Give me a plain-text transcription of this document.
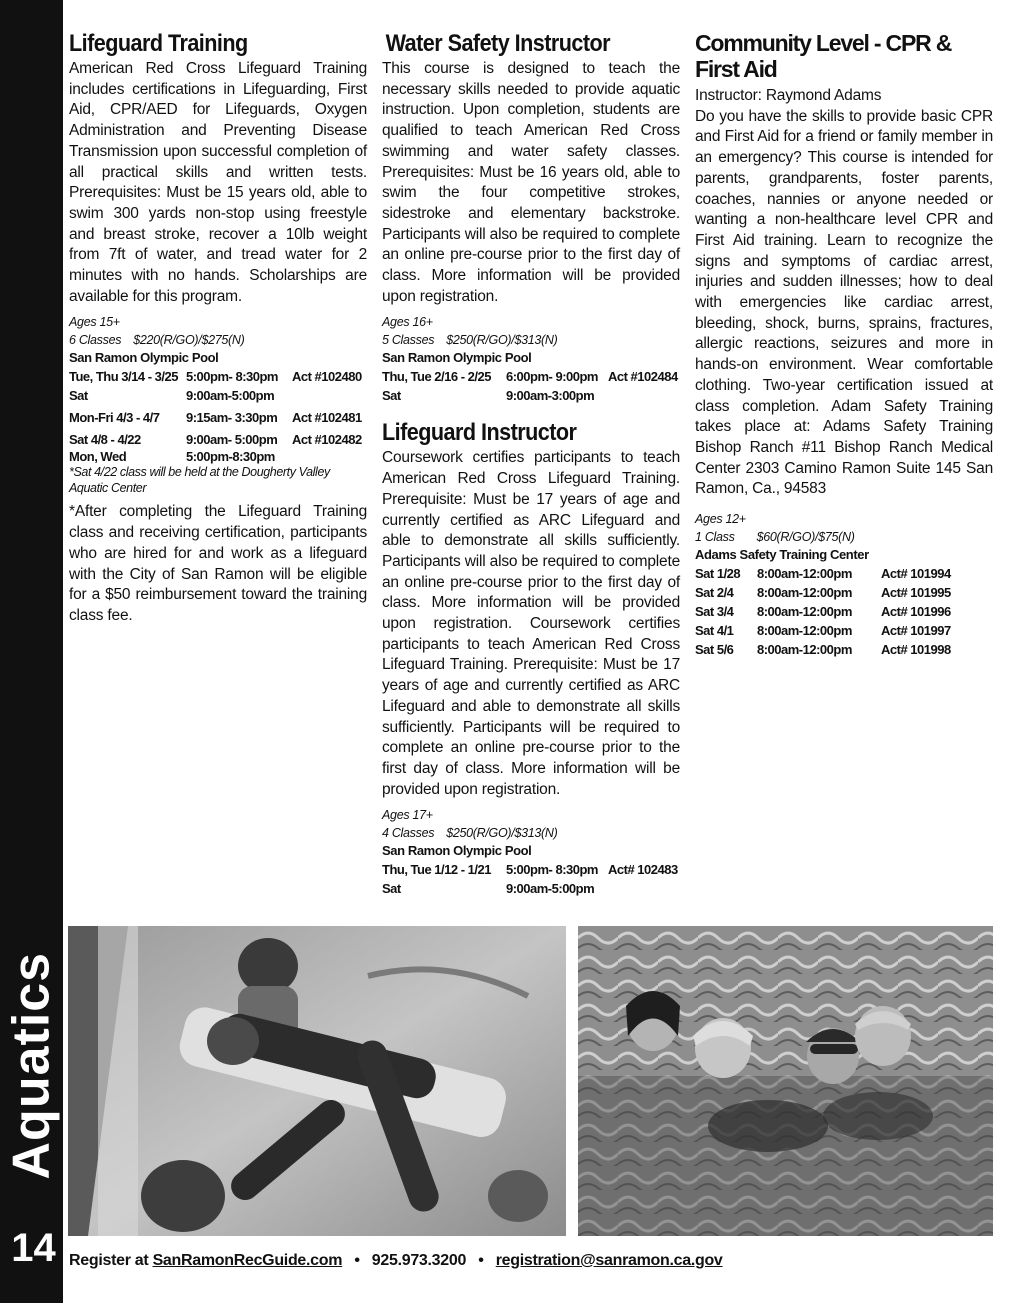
Aquatics
14
Lifeguard Training

American Red Cross Lifeguard Training includes certifications in Lifeguarding, First Aid, CPR/AED for Lifeguards, Oxygen Administration and Preventing Disease Transmission upon successful completion of all practical skills and written tests. Prerequisites: Must be 15 years old, able to swim 300 yards non-stop using freestyle and breast stroke, recover a 10lb weight from 7ft of water, and tread water for 2 minutes with no hands. Scholarships are available for this program.

Ages 15+
6 Classes $220(R/GO)/$275(N)
San Ramon Olympic Pool
Tue, Thu 3/14 - 3/25 5:00pm- 8:30pm	Act #102480
Sat	9:00am-5:00pm
Mon-Fri 4/3 - 4/7	9:15am- 3:30pm	Act #102481
Sat 4/8 - 4/22	9:00am- 5:00pm	Act #102482
Mon, Wed	5:00pm-8:30pm
*Sat 4/22 class will be held at the Dougherty Valley Aquatic Center

*After completing the Lifeguard Training class and receiving certification, participants who are hired for and work as a lifeguard with the City of San Ramon will be eligible for a $50 reimbursement toward the training class fee.

Water Safety Instructor

This course is designed to teach the necessary skills needed to provide aquatic instruction. Upon completion, students are qualified to teach American Red Cross swimming and water safety classes. Prerequisites: Must be 16 years old, able to swim the four competitive strokes, sidestroke and elementary backstroke. Participants will also be required to complete an online pre-course prior to the first day of class. More information will be provided upon registration.

Ages 16+
5 Classes $250(R/GO)/$313(N)
San Ramon Olympic Pool
Thu, Tue 2/16 - 2/25	6:00pm- 9:00pm Act #102484
Sat	9:00am-3:00pm
Lifeguard Instructor

Coursework certifies participants to teach American Red Cross Lifeguard Training. Prerequisite: Must be 17 years of age and currently certified as ARC Lifeguard and able to demonstrate all skills sufficiently. Participants will also be required to complete an online pre-course prior to the first day of class. More information will be provided upon registration. Coursework certifies participants to teach American Red Cross Lifeguard Training. Prerequisite: Must be 17 years of age and currently certified as ARC Lifeguard and able to demonstrate all skills sufficiently. Participants will be required to complete an online pre-course prior to the first day of class. More information will be provided upon registration.

Ages 17+
4 Classes $250(R/GO)/$313(N)
San Ramon Olympic Pool
Thu, Tue 1/12 - 1/21	5:00pm- 8:30pm Act# 102483
Sat	9:00am-5:00pm
Community Level - CPR & First Aid

Instructor: Raymond Adams

Do you have the skills to provide basic CPR and First Aid for a friend or family member in an emergency? This course is intended for parents, grandparents, foster parents, coaches, nannies or anyone needed or wanting a non-healthcare level CPR and First Aid training. Learn to recognize the signs and symptoms of cardiac arrest, injuries and sudden illnesses; how to deal with emergencies like cardiac arrest, bleeding, shock, burns, sprains, fractures, allergic reactions, seizures and more in hands-on environment. Wear comfortable clothing. Two-year certification issued at class completion. Adam Safety Training takes place at: Adams Safety Training Bishop Ranch #11 Bishop Ranch Medical Center 2303 Camino Ramon Suite 145 San Ramon, Ca., 94583

Ages 12+
1 Class $60(R/GO)/$75(N)
Adams Safety Training Center
Sat 1/28	8:00am-12:00pm	Act# 101994
Sat 2/4	8:00am-12:00pm	Act# 101995
Sat 3/4	8:00am-12:00pm	Act# 101996
Sat 4/1	8:00am-12:00pm	Act# 101997
Sat 5/6	8:00am-12:00pm	Act# 101998
Register at SanRamonRecGuide.com • 925.973.3200 • registration@sanramon.ca.gov
